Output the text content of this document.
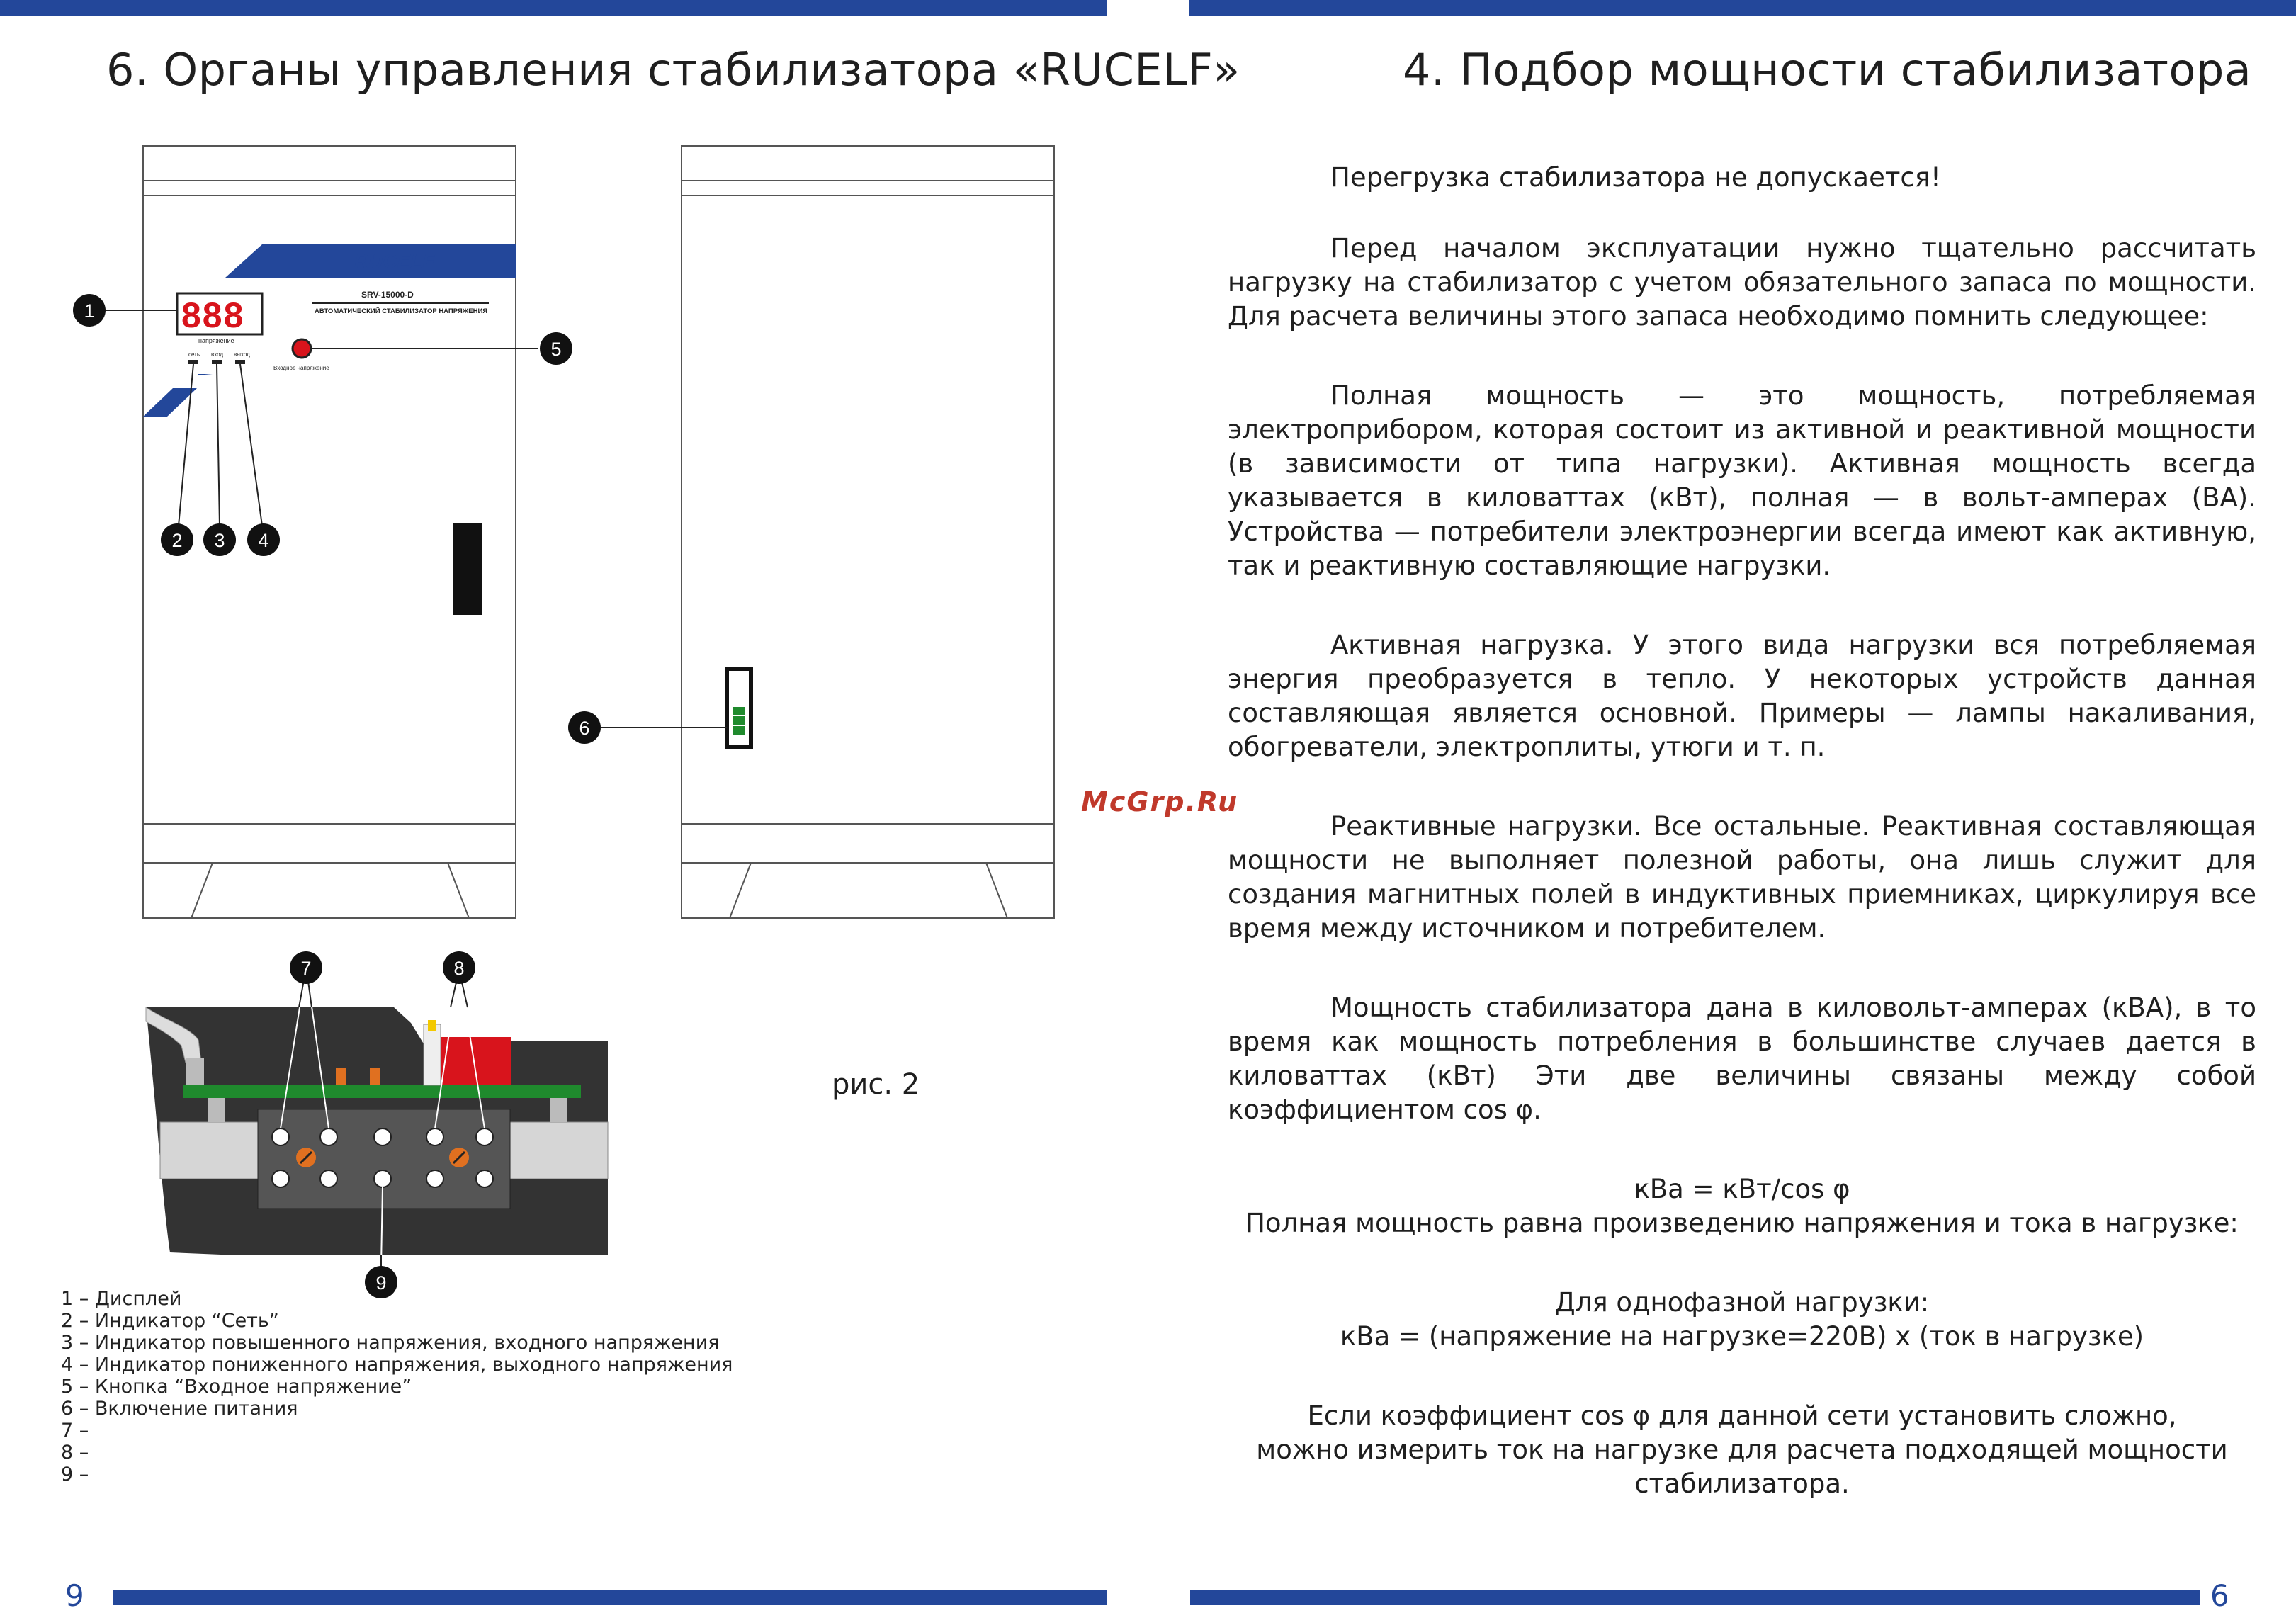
9	6
6. Органы управления стабилизатора «RUCELF»	4. Подбор мощности стабилизатора
McGrp.Ru
рис. 2
RUCELF
SRV-15000-D
АВТОМАТИЧЕСКИЙ СТАБИЛИЗАТОР НАПРЯЖЕНИЯ
888
напряжение
сеть вход выход
Входное напряжение
1
2 3 4
5
6
7	8
9
1 – Дисплей
2 – Индикатор “Сеть”
3 – Индикатор повышенного напряжения, входного напряжения
4 – Индикатор пониженного напряжения, выходного напряжения
5 – Кнопка “Входное напряжение”
6 – Включение питания
7 –
8 –
9 –

Перегрузка стабилизатора не допускается!

Перед началом эксплуатации нужно тщательно рассчитать нагрузку на стабилизатор с учетом обязательного запаса по мощности. Для расчета величины этого запаса необходимо помнить следующее:

Полная мощность — это мощность, потребляемая электроприбором, которая состоит из активной и реактивной мощности (в зависимости от типа нагрузки). Активная мощность всегда указывается в киловаттах (кВт), полная — в вольт-амперах (ВА). Устройства — потребители электроэнергии всегда имеют как активную, так и реактивную составляющие нагрузки.

Активная нагрузка. У этого вида нагрузки вся потребляемая энергия преобразуется в тепло. У некоторых устройств данная составляющая является основной. Примеры — лампы накаливания, обогреватели, электроплиты, утюги и т. п.

Реактивные нагрузки. Все остальные. Реактивная составляющая мощности не выполняет полезной работы, она лишь служит для создания магнитных полей в индуктивных приемниках, циркулируя все время между источником и потребителем.

Мощность стабилизатора дана в киловольт-амперах (кВА), в то время как мощность потребления в большинстве случаев дается в киловаттах (кВт) Эти две величины связаны между собой коэффициентом cos φ.

кВа = кВт/cos φ

Полная мощность равна произведению напряжения и тока в нагрузке:

Для однофазной нагрузки:

кВа = (напряжение на нагрузке=220В) х (ток в нагрузке)

Если коэффициент cos φ для данной сети установить сложно,

можно измерить ток на нагрузке для расчета подходящей мощности

стабилизатора.
